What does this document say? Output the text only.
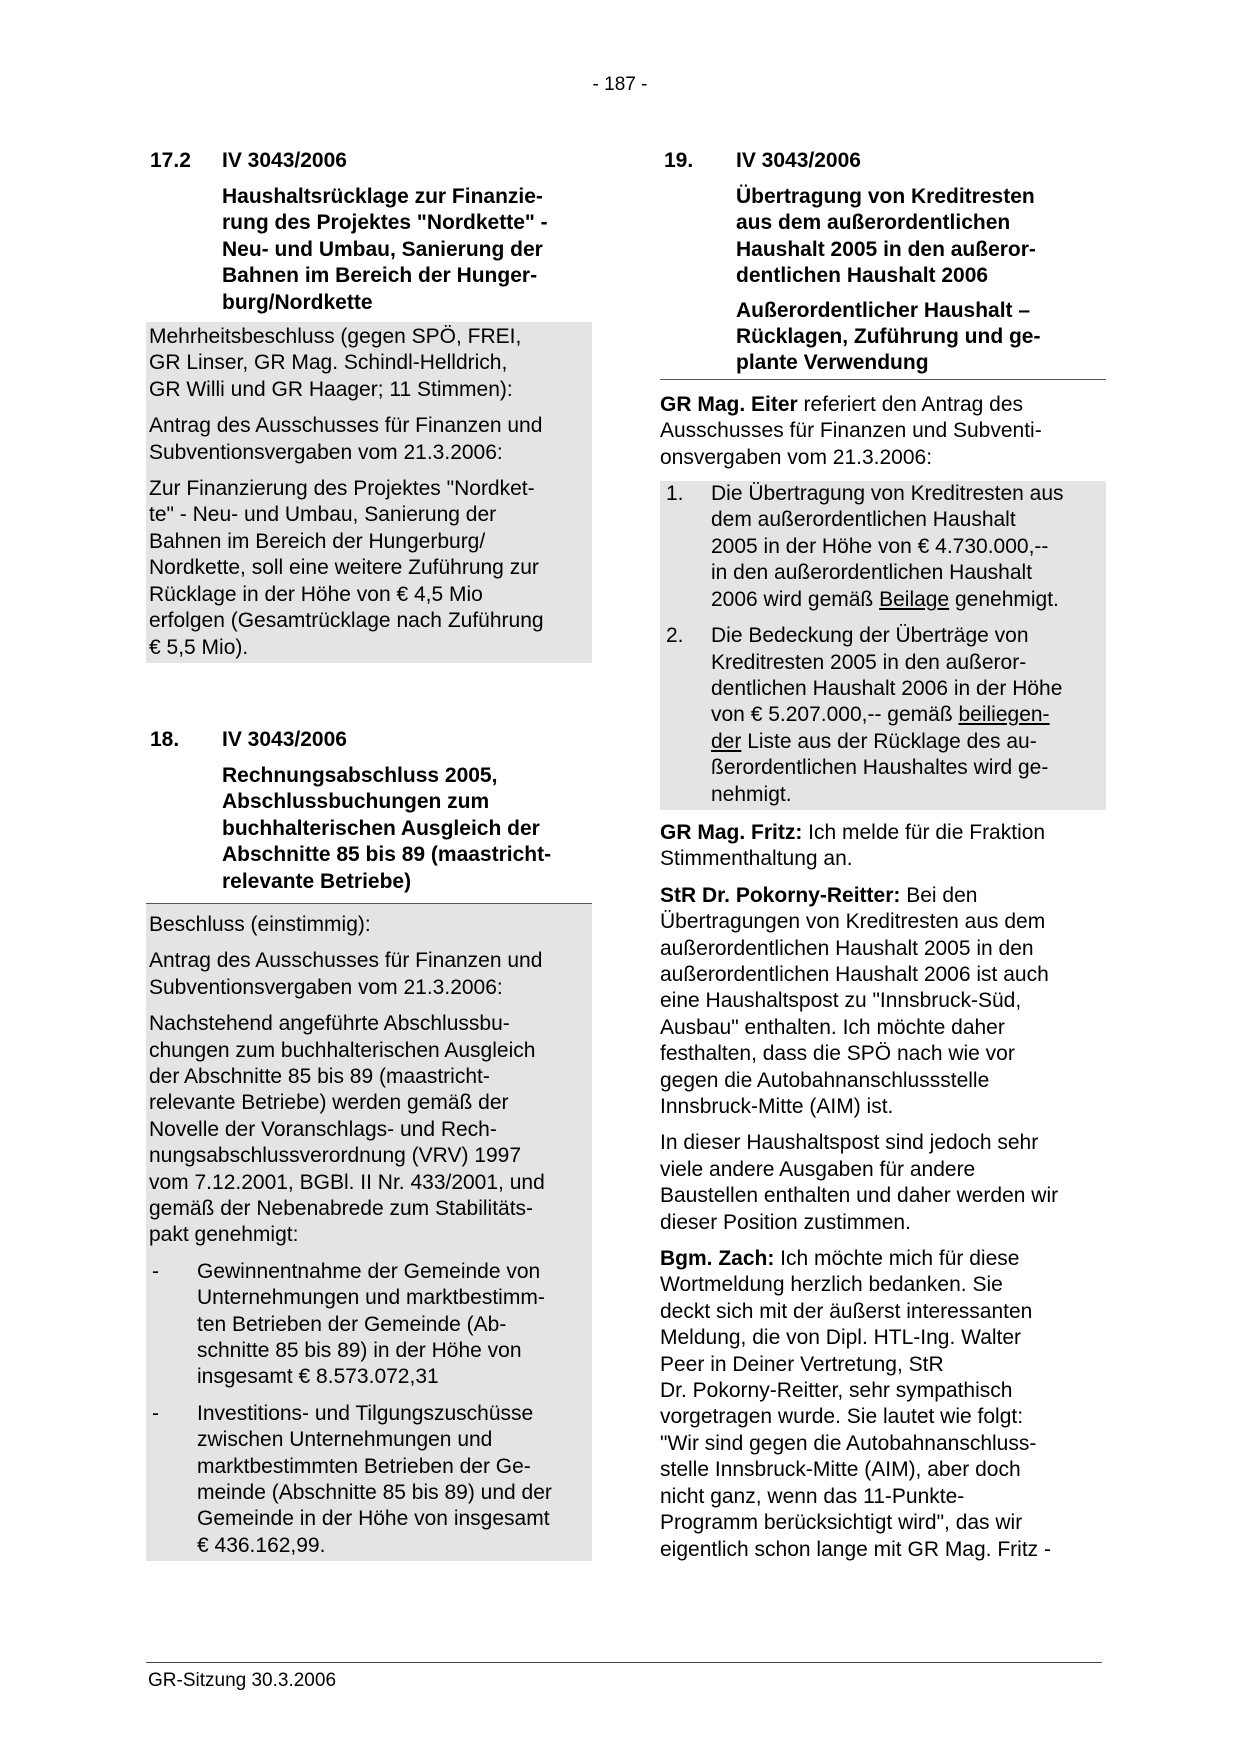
- 187 -
17.2 IV 3043/2006
Haushaltsrücklage zur Finanzie-
rung des Projektes "Nordkette" -
Neu- und Umbau, Sanierung der
Bahnen im Bereich der Hunger-
burg/Nordkette

Mehrheitsbeschluss (gegen SPÖ, FREI,
GR Linser, GR Mag. Schindl-Helldrich,
GR Willi und GR Haager; 11 Stimmen):

Antrag des Ausschusses für Finanzen und
Subventionsvergaben vom 21.3.2006:

Zur Finanzierung des Projektes "Nordket-
te" - Neu- und Umbau, Sanierung der
Bahnen im Bereich der Hungerburg/
Nordkette, soll eine weitere Zuführung zur
Rücklage in der Höhe von € 4,5 Mio
erfolgen (Gesamtrücklage nach Zuführung
€ 5,5 Mio).

18. IV 3043/2006
Rechnungsabschluss 2005,
Abschlussbuchungen zum
buchhalterischen Ausgleich der
Abschnitte 85 bis 89 (maastricht-
relevante Betriebe)

Beschluss (einstimmig):

Antrag des Ausschusses für Finanzen und
Subventionsvergaben vom 21.3.2006:

Nachstehend angeführte Abschlussbu-
chungen zum buchhalterischen Ausgleich
der Abschnitte 85 bis 89 (maastricht-
relevante Betriebe) werden gemäß der
Novelle der Voranschlags- und Rech-
nungsabschlussverordnung (VRV) 1997
vom 7.12.2001, BGBl. II Nr. 433/2001, und
gemäß der Nebenabrede zum Stabilitäts-
pakt genehmigt:

- Gewinnentnahme der Gemeinde von
Unternehmungen und marktbestimm-
ten Betrieben der Gemeinde (Ab-
schnitte 85 bis 89) in der Höhe von
insgesamt € 8.573.072,31
- Investitions- und Tilgungszuschüsse
zwischen Unternehmungen und
marktbestimmten Betrieben der Ge-
meinde (Abschnitte 85 bis 89) und der
Gemeinde in der Höhe von insgesamt
€ 436.162,99.
19. IV 3043/2006
Übertragung von Kreditresten
aus dem außerordentlichen
Haushalt 2005 in den außeror-
dentlichen Haushalt 2006
Außerordentlicher Haushalt –
Rücklagen, Zuführung und ge-
plante Verwendung

GR Mag. Eiter referiert den Antrag des
Ausschusses für Finanzen und Subventi-
onsvergaben vom 21.3.2006:

1. Die Übertragung von Kreditresten aus
dem außerordentlichen Haushalt
2005 in der Höhe von € 4.730.000,--
in den außerordentlichen Haushalt
2006 wird gemäß Beilage genehmigt.
2. Die Bedeckung der Überträge von
Kreditresten 2005 in den außeror-
dentlichen Haushalt 2006 in der Höhe
von € 5.207.000,-- gemäß beiliegen-
der Liste aus der Rücklage des au-
ßerordentlichen Haushaltes wird ge-
nehmigt.

GR Mag. Fritz: Ich melde für die Fraktion
Stimmenthaltung an.

StR Dr. Pokorny-Reitter: Bei den
Übertragungen von Kreditresten aus dem
außerordentlichen Haushalt 2005 in den
außerordentlichen Haushalt 2006 ist auch
eine Haushaltspost zu "Innsbruck-Süd,
Ausbau" enthalten. Ich möchte daher
festhalten, dass die SPÖ nach wie vor
gegen die Autobahnanschlussstelle
Innsbruck-Mitte (AIM) ist.

In dieser Haushaltspost sind jedoch sehr
viele andere Ausgaben für andere
Baustellen enthalten und daher werden wir
dieser Position zustimmen.

Bgm. Zach: Ich möchte mich für diese
Wortmeldung herzlich bedanken. Sie
deckt sich mit der äußerst interessanten
Meldung, die von Dipl. HTL-Ing. Walter
Peer in Deiner Vertretung, StR
Dr. Pokorny-Reitter, sehr sympathisch
vorgetragen wurde. Sie lautet wie folgt:
"Wir sind gegen die Autobahnanschluss-
stelle Innsbruck-Mitte (AIM), aber doch
nicht ganz, wenn das 11-Punkte-
Programm berücksichtigt wird", das wir
eigentlich schon lange mit GR Mag. Fritz -

GR-Sitzung 30.3.2006
